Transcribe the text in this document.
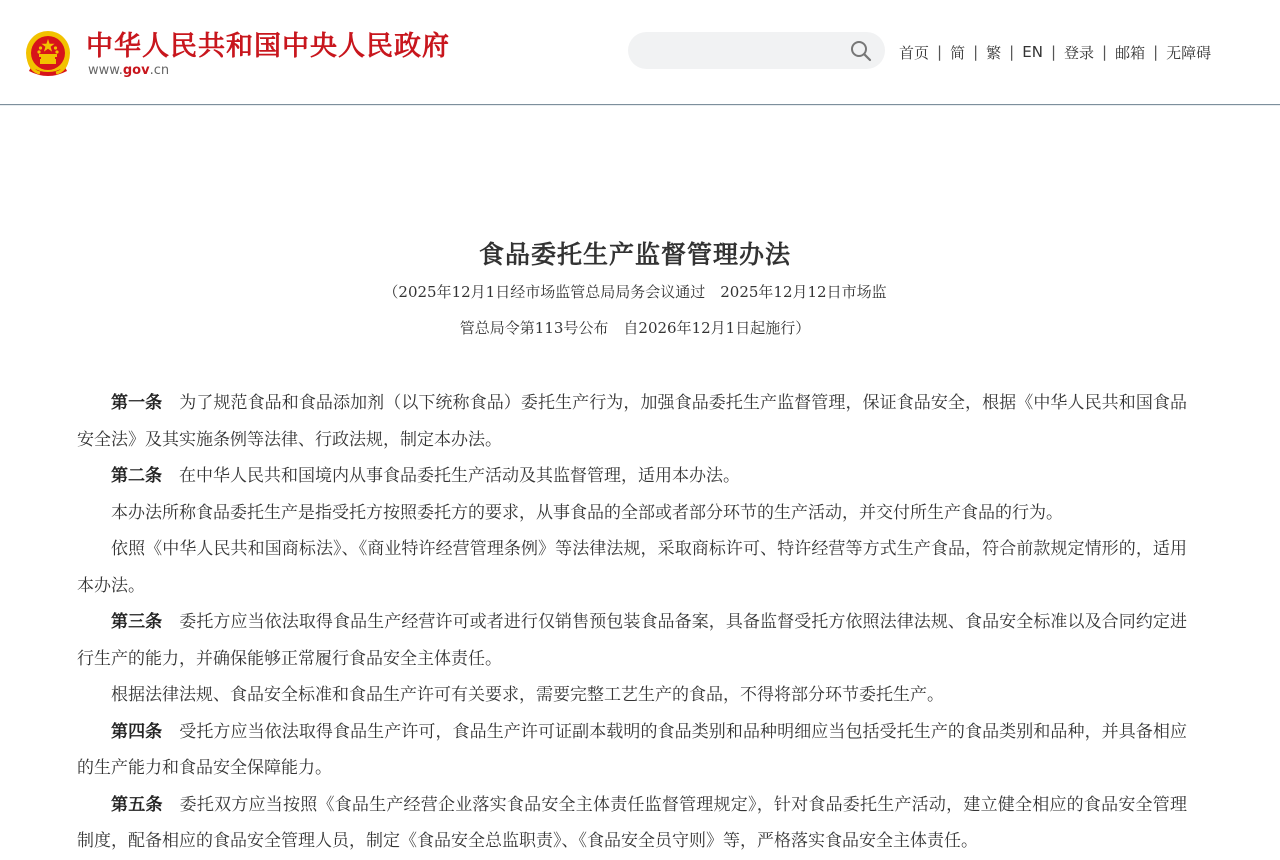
中华人民共和国中央人民政府
www.gov.cn
首页 | 简 | 繁 | EN | 登录 | 邮箱 | 无障碍
食品委托生产监督管理办法
（2025年12月1日经市场监管总局局务会议通过　2025年12月12日市场监
管总局令第113号公布　自2026年12月1日起施行）

第一条 为了规范食品和食品添加剂（以下统称食品）委托生产行为，加强食品委托生产监督管理，保证食品安全，根据《中华人民共和国食品安全法》及其实施条例等法律、行政法规，制定本办法。

第二条 在中华人民共和国境内从事食品委托生产活动及其监督管理，适用本办法。

本办法所称食品委托生产是指受托方按照委托方的要求，从事食品的全部或者部分环节的生产活动，并交付所生产食品的行为。

依照《中华人民共和国商标法》、《商业特许经营管理条例》等法律法规，采取商标许可、特许经营等方式生产食品，符合前款规定情形的，适用本办法。

第三条 委托方应当依法取得食品生产经营许可或者进行仅销售预包装食品备案，具备监督受托方依照法律法规、食品安全标准以及合同约定进行生产的能力，并确保能够正常履行食品安全主体责任。

根据法律法规、食品安全标准和食品生产许可有关要求，需要完整工艺生产的食品，不得将部分环节委托生产。

第四条 受托方应当依法取得食品生产许可，食品生产许可证副本载明的食品类别和品种明细应当包括受托生产的食品类别和品种，并具备相应的生产能力和食品安全保障能力。

第五条 委托双方应当按照《食品生产经营企业落实食品安全主体责任监督管理规定》，针对食品委托生产活动，建立健全相应的食品安全管理制度，配备相应的食品安全管理人员，制定《食品安全总监职责》、《食品安全员守则》等，严格落实食品安全主体责任。
